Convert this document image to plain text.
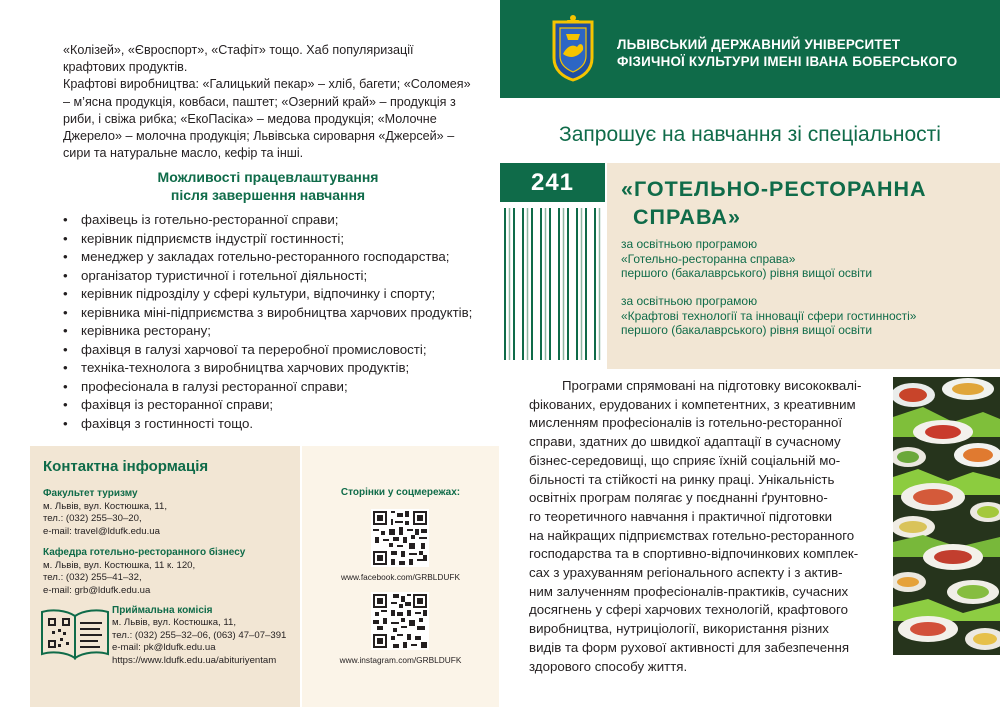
«Колізей», «Євроспорт», «Стафіт» тощо. Хаб популяризації крафтових продуктів.

Крафтові виробництва: «Галицький пекар» – хліб, багети; «Соломея» – м’ясна продукція, ковбаси, паштет; «Озерний край» – продукція з риби, і свіжа рибка; «ЕкоПасіка» – медова продукція; «Молочне Джерело» – молочна продукція; Львівська сироварня «Джерсей» – сири та натуральне масло, кефір та інші.

Можливості працевлаштування
після завершення навчання
• фахівець із готельно-ресторанної справи;
• керівник підприємств індустрії гостинності;
• менеджер у закладах готельно-ресторанного господарства;
• організатор туристичної і готельної діяльності;
• керівник підрозділу у сфері культури, відпочинку і спорту;
• керівника міні-підприємства з виробництва харчових продуктів;
• керівника ресторану;
• фахівця в галузі харчової та переробної промисловості;
• техніка-технолога з виробництва харчових продуктів;
• професіонала в галузі ресторанної справи;
• фахівця із ресторанної справи;
• фахівця з гостинності тощо.
Контактна інформація
Факультет туризму
м. Львів, вул. Костюшка, 11,
тел.: (032) 255–30–20,
e-mail: travel@ldufk.edu.ua
Кафедра готельно-ресторанного бізнесу
м. Львів, вул. Костюшка, 11 к. 120,
тел.: (032) 255–41–32,
e-mail: grb@ldufk.edu.ua
Приймальна комісія
м. Львів, вул. Костюшка, 11,
тел.: (032) 255–32–06, (063) 47–07–391
e-mail: pk@ldufk.edu.ua
https://www.ldufk.edu.ua/abituriyentam
Сторінки у соцмережах:
www.facebook.com/GRBLDUFK
www.instagram.com/GRBLDUFK
ЛЬВІВСЬКИЙ ДЕРЖАВНИЙ УНІВЕРСИТЕТ
ФІЗИЧНОЇ КУЛЬТУРИ ІМЕНІ ІВАНА БОБЕРСЬКОГО
Запрошує на навчання зі спеціальності
241	«ГОТЕЛЬНО-РЕСТОРАННА
СПРАВА»
за освітньою програмою
«Готельно-ресторанна справа»
першого (бакалаврського) рівня вищої освіти
за освітньою програмою
«Крафтові технології та інновації сфери гостинності»
першого (бакалаврського) рівня вищої освіти
Програми спрямовані на підготовку висококвалі-
фікованих, ерудованих і компетентних, з креативним
мисленням професіоналів із готельно-ресторанної
справи, здатних до швидкої адаптації в сучасному
бізнес-середовищі, що сприяє їхній соціальній мо-
більності та стійкості на ринку праці. Унікальність
освітніх програм полягає у поєднанні ґрунтовно-
го теоретичного навчання і практичної підготовки
на найкращих підприємствах готельно-ресторанного
господарства та в спортивно-відпочинкових комплек-
сах з урахуванням регіонального аспекту і з актив-
ним залученням професіоналів-практиків, сучасних
досягнень у сфері харчових технологій, крафтового
виробництва, нутриціології, використання різних
видів та форм рухової активності для забезпечення
здорового способу життя.
